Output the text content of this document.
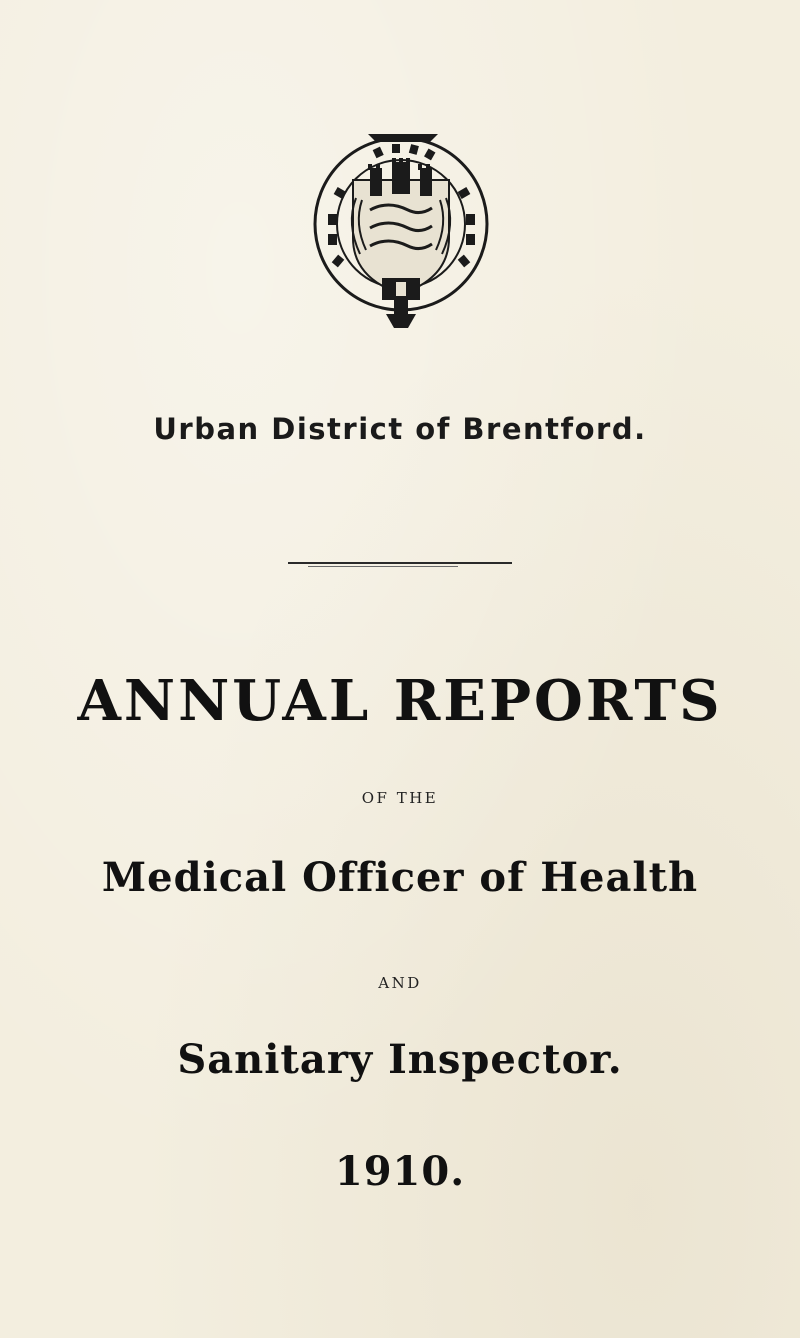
Urban District of Brentford.
ANNUAL REPORTS
OF THE
Medical Officer of Health
AND
Sanitary Inspector.
1910.
